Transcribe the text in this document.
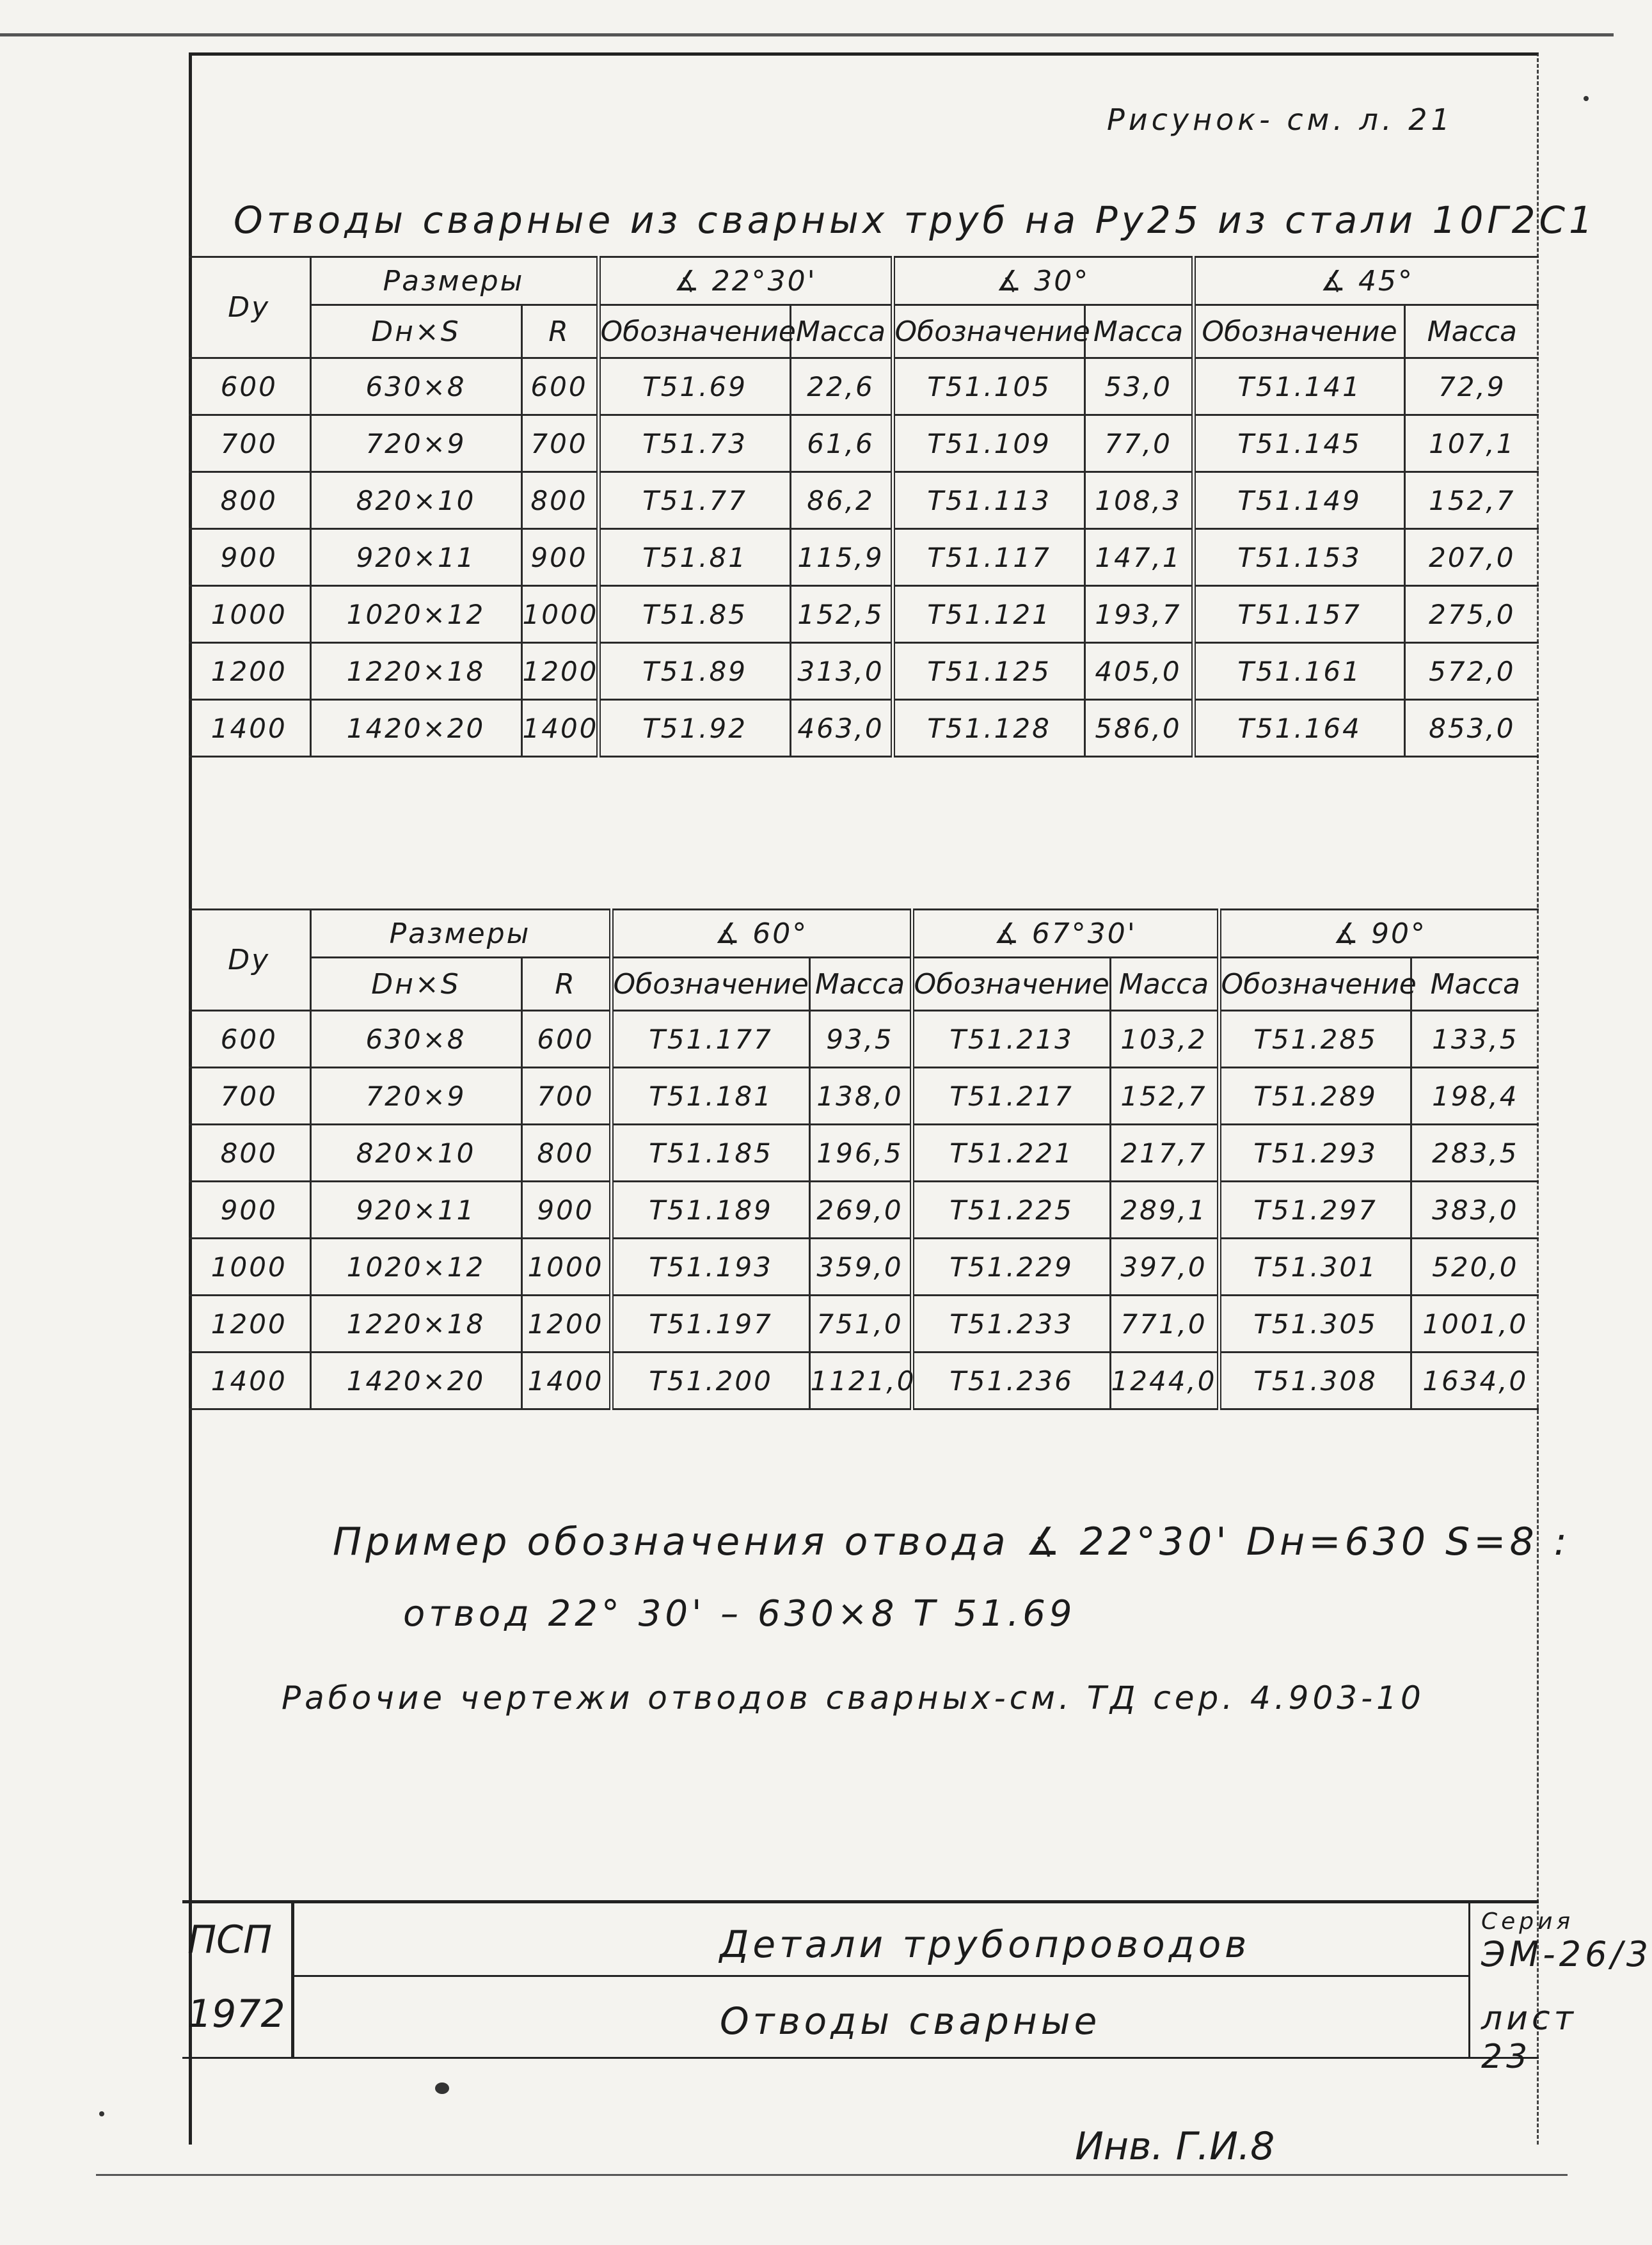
Рисунок- см. л. 21
Отводы сварные из сварных труб на Py25 из стали 10Г2С1
Dy	Размеры		∡ 22°30'		∡ 30°		∡ 45°	
	Dн×S	R	Обозначение	Масса	Обозначение	Масса	Обозначение	Масса
600	630×8	600	T51.69	22,6	T51.105	53,0	T51.141	72,9
700	720×9	700	T51.73	61,6	T51.109	77,0	T51.145	107,1
800	820×10	800	T51.77	86,2	T51.113	108,3	T51.149	152,7
900	920×11	900	T51.81	115,9	T51.117	147,1	T51.153	207,0
1000	1020×12	1000	T51.85	152,5	T51.121	193,7	T51.157	275,0
1200	1220×18	1200	T51.89	313,0	T51.125	405,0	T51.161	572,0
1400	1420×20	1400	T51.92	463,0	T51.128	586,0	T51.164	853,0
Dy	Размеры		∡ 60°		∡ 67°30'		∡ 90°	
	Dн×S	R	Обозначение	Масса	Обозначение	Масса	Обозначение	Масса
600	630×8	600	T51.177	93,5	T51.213	103,2	T51.285	133,5
700	720×9	700	T51.181	138,0	T51.217	152,7	T51.289	198,4
800	820×10	800	T51.185	196,5	T51.221	217,7	T51.293	283,5
900	920×11	900	T51.189	269,0	T51.225	289,1	T51.297	383,0
1000	1020×12	1000	T51.193	359,0	T51.229	397,0	T51.301	520,0
1200	1220×18	1200	T51.197	751,0	T51.233	771,0	T51.305	1001,0
1400	1420×20	1400	T51.200	1121,0	T51.236	1244,0	T51.308	1634,0
Пример обозначения отвода ∡ 22°30' Dн=630 S=8 :
отвод 22° 30' – 630×8 Т 51.69
Рабочие чертежи отводов сварных-см. ТД сер. 4.903-10
ПСП
1972
Детали трубопроводов
Отводы сварные
Серия
ЭМ-26/3
лист 23
Инв. Г.И.8
